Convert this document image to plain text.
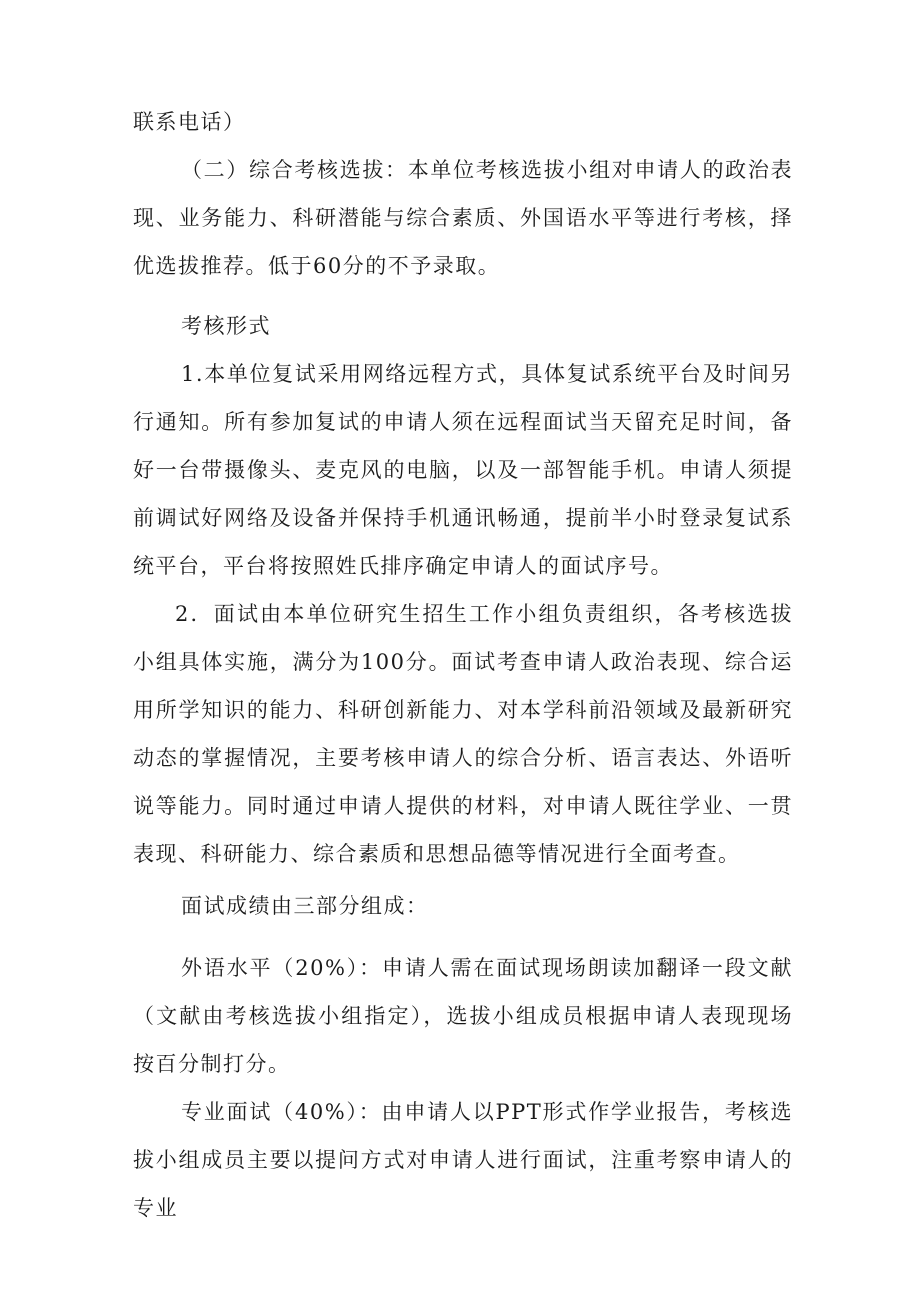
联系电话）

（二）综合考核选拔：本单位考核选拔小组对申请人的政治表现、业务能力、科研潜能与综合素质、外国语水平等进行考核，择优选拔推荐。低于60分的不予录取。

考核形式

1.本单位复试采用网络远程方式，具体复试系统平台及时间另行通知。所有参加复试的申请人须在远程面试当天留充足时间，备好一台带摄像头、麦克风的电脑，以及一部智能手机。申请人须提前调试好网络及设备并保持手机通讯畅通，提前半小时登录复试系统平台，平台将按照姓氏排序确定申请人的面试序号。

2．面试由本单位研究生招生工作小组负责组织，各考核选拔小组具体实施，满分为100分。面试考查申请人政治表现、综合运用所学知识的能力、科研创新能力、对本学科前沿领域及最新研究动态的掌握情况，主要考核申请人的综合分析、语言表达、外语听说等能力。同时通过申请人提供的材料，对申请人既往学业、一贯表现、科研能力、综合素质和思想品德等情况进行全面考查。

面试成绩由三部分组成：

外语水平（20%）：申请人需在面试现场朗读加翻译一段文献（文献由考核选拔小组指定），选拔小组成员根据申请人表现现场按百分制打分。

专业面试（40%）：由申请人以PPT形式作学业报告，考核选拔小组成员主要以提问方式对申请人进行面试，注重考察申请人的专业
